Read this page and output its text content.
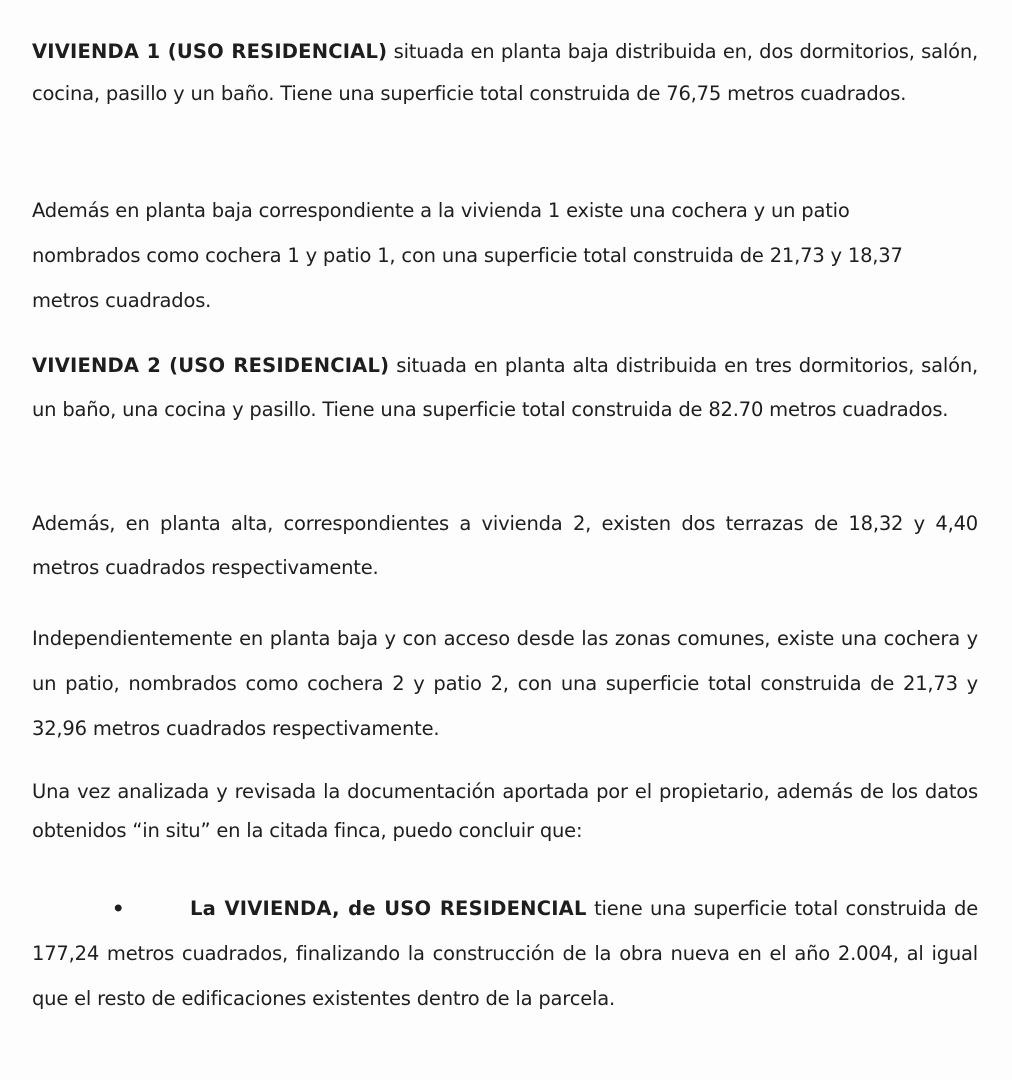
VIVIENDA 1 (USO RESIDENCIAL) situada en planta baja distribuida en, dos dormitorios, salón, cocina, pasillo y un baño. Tiene una superficie total construida de 76,75 metros cuadrados.

Además en planta baja correspondiente a la vivienda 1 existe una cochera y un patio nombrados como cochera 1 y patio 1, con una superficie total construida de 21,73 y 18,37 metros cuadrados.

VIVIENDA 2 (USO RESIDENCIAL) situada en planta alta distribuida en tres dormitorios, salón, un baño, una cocina y pasillo. Tiene una superficie total construida de 82.70 metros cuadrados.

Además, en planta alta, correspondientes a vivienda 2, existen dos terrazas de 18,32 y 4,40 metros cuadrados respectivamente.

Independientemente en planta baja y con acceso desde las zonas comunes, existe una cochera y un patio, nombrados como cochera 2 y patio 2, con una superficie total construida de 21,73 y 32,96 metros cuadrados respectivamente.

Una vez analizada y revisada la documentación aportada por el propietario, además de los datos obtenidos “in situ” en la citada finca, puedo concluir que:

•	La VIVIENDA, de USO RESIDENCIAL tiene una superficie total construida de 177,24 metros cuadrados, finalizando la construcción de la obra nueva en el año 2.004, al igual que el resto de edificaciones existentes dentro de la parcela.
